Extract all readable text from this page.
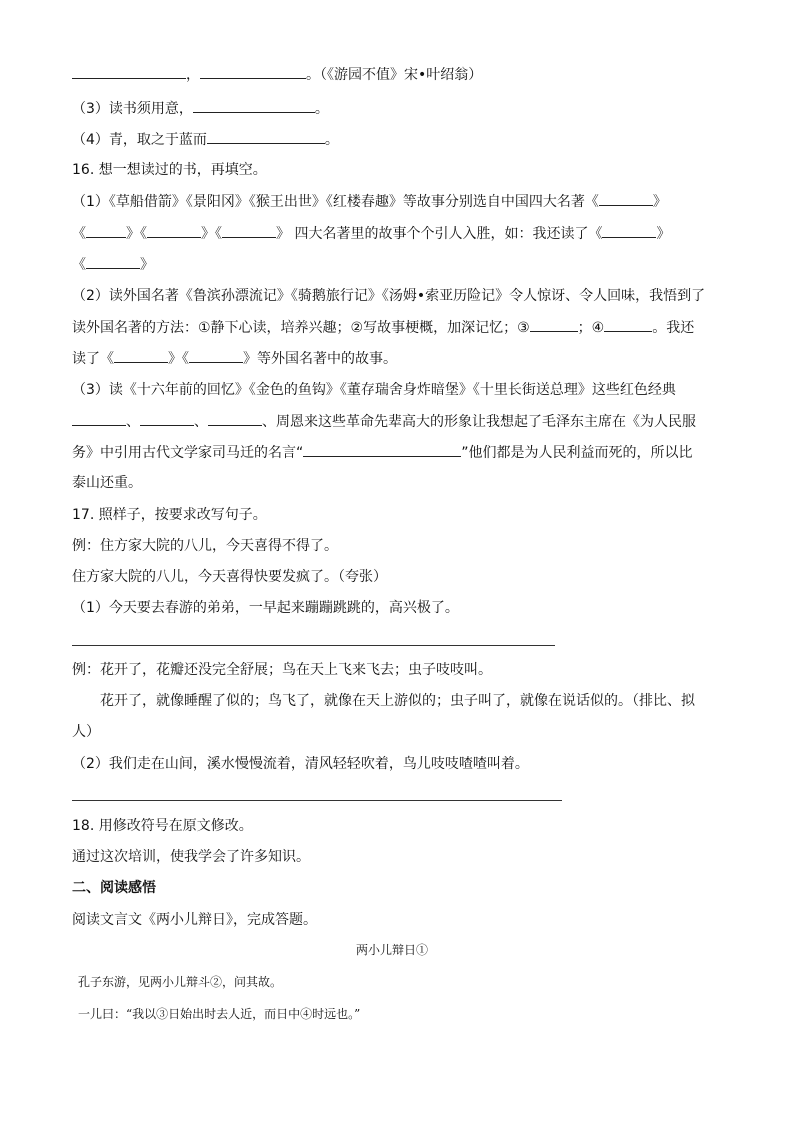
，	。（《游园不值》宋•叶绍翁）
（3）读书须用意，	。
（4）青，取之于蓝而	。
16. 想一想读过的书，再填空。
（1）《草船借箭》《景阳冈》《猴王出世》《红楼春趣》等故事分别选自中国四大名著《	》
《	》《	》《	》 四大名著里的故事个个引人入胜，如：我还读了《	》
《	》
（2）读外国名著《鲁滨孙漂流记》《骑鹅旅行记》《汤姆•索亚历险记》令人惊讶、令人回味，我悟到了
读外国名著的方法：①静下心读，培养兴趣；②写故事梗概，加深记忆；③	；④	。我还
读了《	》《	》等外国名著中的故事。
（3）读《十六年前的回忆》《金色的鱼钩》《董存瑞舍身炸暗堡》《十里长街送总理》这些红色经典
、	、	、周恩来这些革命先辈高大的形象让我想起了毛泽东主席在《为人民服
务》中引用古代文学家司马迁的名言“	”他们都是为人民利益而死的，所以比
泰山还重。
17. 照样子，按要求改写句子。
例：住方家大院的八儿，今天喜得不得了。
住方家大院的八儿，今天喜得快要发疯了。（夸张）
（1）今天要去春游的弟弟，一早起来蹦蹦跳跳的，高兴极了。
例：花开了，花瓣还没完全舒展；鸟在天上飞来飞去；虫子吱吱叫。
花开了，就像睡醒了似的；鸟飞了，就像在天上游似的；虫子叫了，就像在说话似的。（排比、拟
人）
（2）我们走在山间，溪水慢慢流着，清风轻轻吹着，鸟儿吱吱喳喳叫着。
18. 用修改符号在原文修改。
通过这次培训，使我学会了许多知识。
二、阅读感悟
阅读文言文《两小儿辩日》，完成答题。
两小儿辩日①
孔子东游，见两小儿辩斗②，问其故。
一儿曰：“我以③日始出时去人近，而日中④时远也。”
